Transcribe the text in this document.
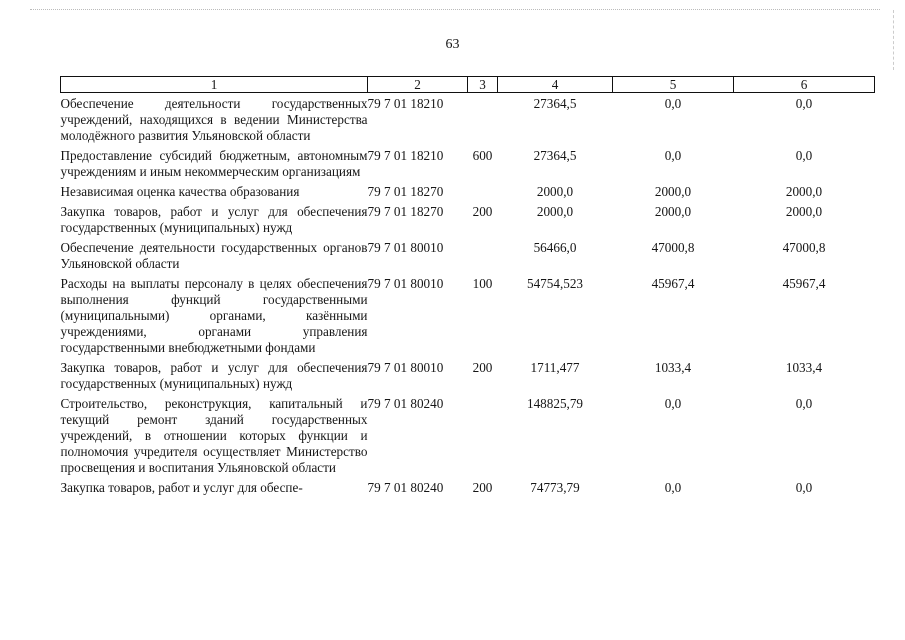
63
1	2	3	4	5	6
Обеспечение деятельности государственных учреждений, находящихся в ведении Министерства молодёжного развития Ульяновской области	79 7 01 18210		27364,5	0,0	0,0
Предоставление субсидий бюджетным, автономным учреждениям и иным некоммерческим организациям	79 7 01 18210	600	27364,5	0,0	0,0
Независимая оценка качества образования	79 7 01 18270		2000,0	2000,0	2000,0
Закупка товаров, работ и услуг для обеспечения государственных (муниципальных) нужд	79 7 01 18270	200	2000,0	2000,0	2000,0
Обеспечение деятельности государственных органов Ульяновской области	79 7 01 80010		56466,0	47000,8	47000,8
Расходы на выплаты персоналу в целях обеспечения выполнения функций государственными (муниципальными) органами, казёнными учреждениями, органами управления государственными внебюджетными фондами	79 7 01 80010	100	54754,523	45967,4	45967,4
Закупка товаров, работ и услуг для обеспечения государственных (муниципальных) нужд	79 7 01 80010	200	1711,477	1033,4	1033,4
Строительство, реконструкция, капитальный и текущий ремонт зданий государственных учреждений, в отношении которых функции и полномочия учредителя осуществляет Министерство просвещения и воспитания Ульяновской области	79 7 01 80240		148825,79	0,0	0,0
Закупка товаров, работ и услуг для обеспе-	79 7 01 80240	200	74773,79	0,0	0,0
